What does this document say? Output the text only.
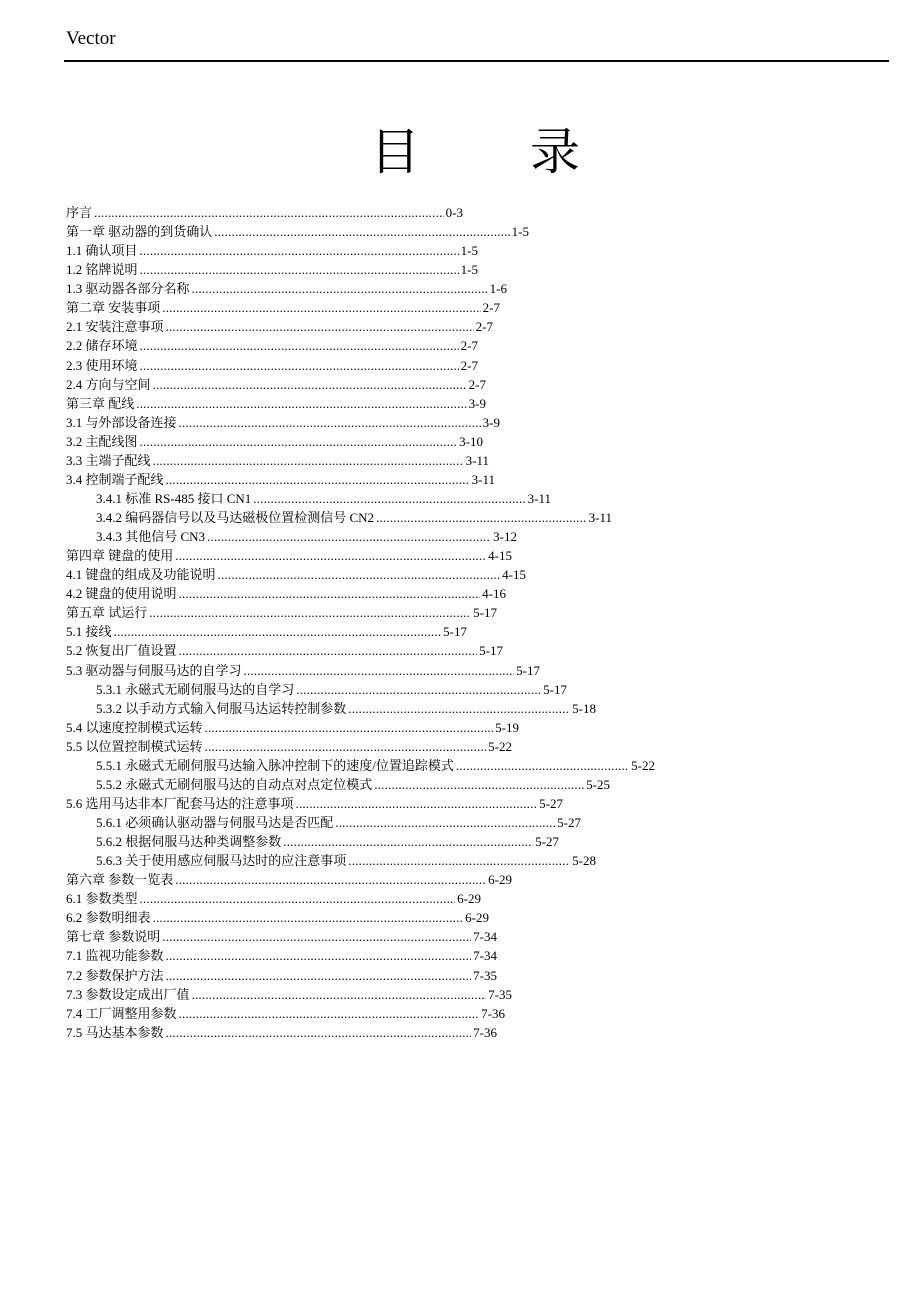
Vector
目 录
序言 .....	0-3
第一章 驱动器的到货确认 .....	1-5
1.1 确认项目 .....	1-5
1.2 铭牌说明 .....	1-5
1.3 驱动器各部分名称 .....	1-6
第二章 安装事项 .....	2-7
2.1 安装注意事项 .....	2-7
2.2 储存环境 .....	2-7
2.3 使用环境 .....	2-7
2.4 方向与空间 .....	2-7
第三章 配线 .....	3-9
3.1 与外部设备连接 .....	3-9
3.2 主配线图 .....	3-10
3.3 主端子配线 .....	3-11
3.4 控制端子配线 .....	3-11
3.4.1 标准 RS-485 接口 CN1 .....	3-11
3.4.2 编码器信号以及马达磁极位置检测信号 CN2 .....	3-11
3.4.3 其他信号 CN3 .....	3-12
第四章 键盘的使用 .....	4-15
4.1 键盘的组成及功能说明 .....	4-15
4.2 键盘的使用说明 .....	4-16
第五章 试运行 .....	5-17
5.1 接线 .....	5-17
5.2 恢复出厂值设置 .....	5-17
5.3 驱动器与伺服马达的自学习 .....	5-17
5.3.1 永磁式无刷伺服马达的自学习 .....	5-17
5.3.2 以手动方式输入伺服马达运转控制参数 .....	5-18
5.4 以速度控制模式运转 .....	5-19
5.5 以位置控制模式运转 .....	5-22
5.5.1 永磁式无刷伺服马达输入脉冲控制下的速度/位置追踪模式 .....	5-22
5.5.2 永磁式无刷伺服马达的自动点对点定位模式 .....	5-25
5.6 选用马达非本厂配套马达的注意事项 .....	5-27
5.6.1 必须确认驱动器与伺服马达是否匹配 .....	5-27
5.6.2 根据伺服马达种类调整参数 .....	5-27
5.6.3 关于使用感应伺服马达时的应注意事项 .....	5-28
第六章 参数一览表 .....	6-29
6.1 参数类型 .....	6-29
6.2 参数明细表 .....	6-29
第七章 参数说明 .....	7-34
7.1 监视功能参数 .....	7-34
7.2 参数保护方法 .....	7-35
7.3 参数设定成出厂值 .....	7-35
7.4 工厂调整用参数 .....	7-36
7.5 马达基本参数 .....	7-36
